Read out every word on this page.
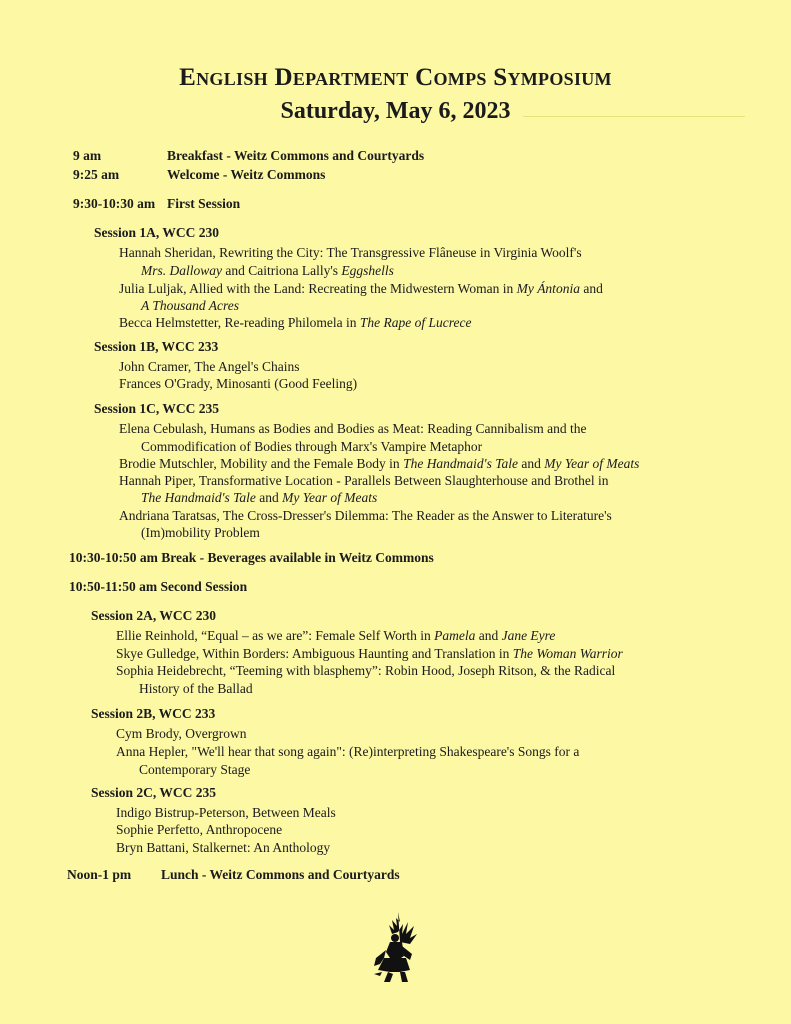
English Department Comps Symposium
Saturday, May 6, 2023
9 am	Breakfast - Weitz Commons and Courtyards
9:25 am	Welcome - Weitz Commons
9:30-10:30 am First Session
Session 1A, WCC 230
Hannah Sheridan, Rewriting the City: The Transgressive Flâneuse in Virginia Woolf's
Mrs. Dalloway and Caitriona Lally's Eggshells
Julia Luljak, Allied with the Land: Recreating the Midwestern Woman in My Ántonia and
A Thousand Acres
Becca Helmstetter, Re-reading Philomela in The Rape of Lucrece
Session 1B, WCC 233
John Cramer, The Angel's Chains
Frances O'Grady, Minosanti (Good Feeling)
Session 1C, WCC 235
Elena Cebulash, Humans as Bodies and Bodies as Meat: Reading Cannibalism and the
Commodification of Bodies through Marx's Vampire Metaphor
Brodie Mutschler, Mobility and the Female Body in The Handmaid's Tale and My Year of Meats
Hannah Piper, Transformative Location - Parallels Between Slaughterhouse and Brothel in
The Handmaid's Tale and My Year of Meats
Andriana Taratsas, The Cross-Dresser's Dilemma: The Reader as the Answer to Literature's
(Im)mobility Problem
10:30-10:50 am Break - Beverages available in Weitz Commons
10:50-11:50 am Second Session
Session 2A, WCC 230
Ellie Reinhold, “Equal – as we are”: Female Self Worth in Pamela and Jane Eyre
Skye Gulledge, Within Borders: Ambiguous Haunting and Translation in The Woman Warrior
Sophia Heidebrecht, “Teeming with blasphemy”: Robin Hood, Joseph Ritson, & the Radical
History of the Ballad
Session 2B, WCC 233
Cym Brody, Overgrown
Anna Hepler, "We'll hear that song again": (Re)interpreting Shakespeare's Songs for a
Contemporary Stage
Session 2C, WCC 235
Indigo Bistrup-Peterson, Between Meals
Sophie Perfetto, Anthropocene
Bryn Battani, Stalkernet: An Anthology
Noon-1 pm Lunch - Weitz Commons and Courtyards
